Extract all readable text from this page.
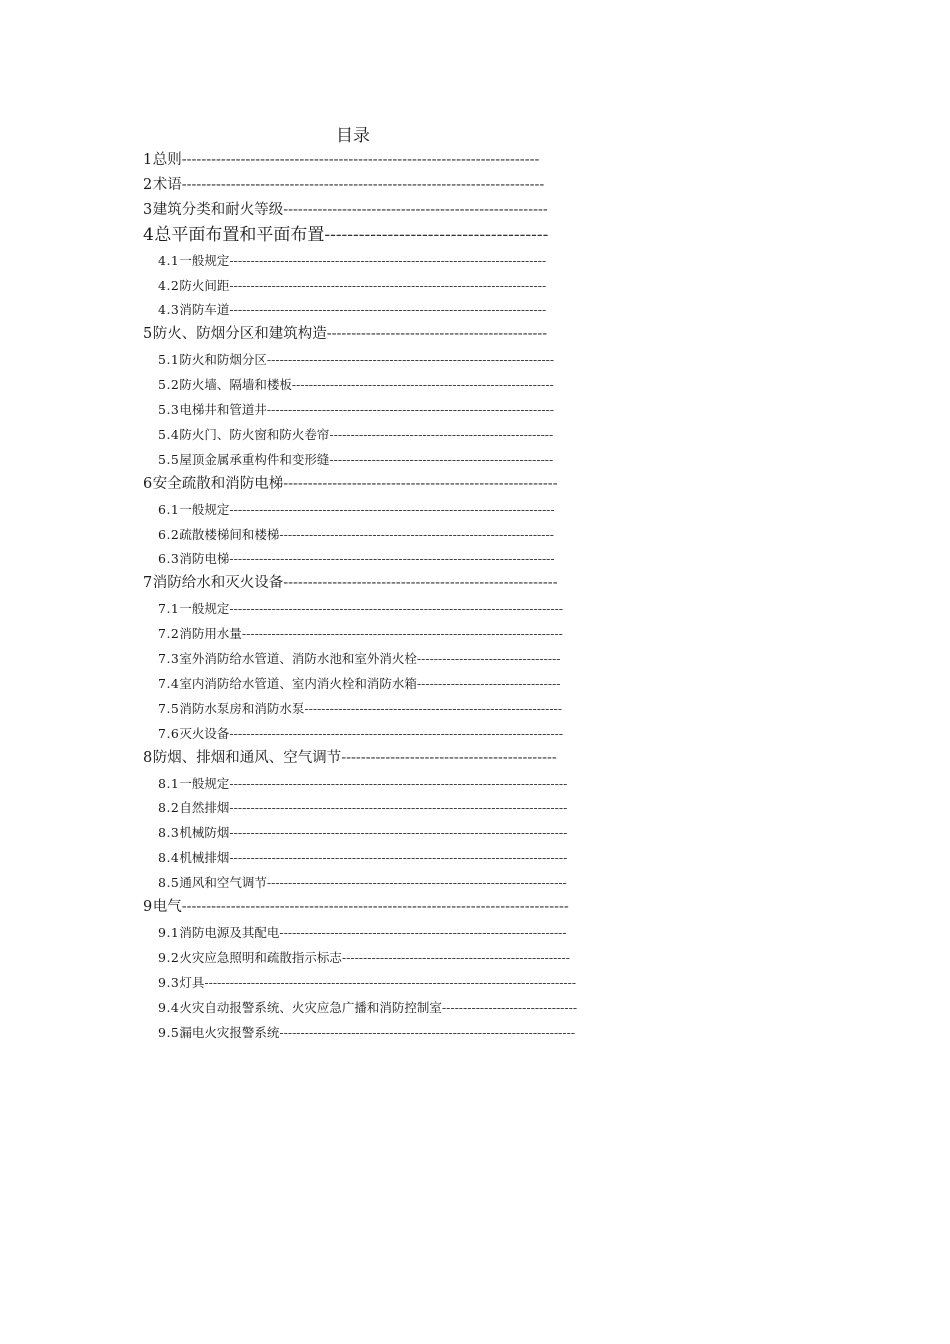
目录
1总则-------------------------------------------------------------------------
2术语--------------------------------------------------------------------------
3建筑分类和耐火等级------------------------------------------------------
4总平面布置和平面布置---------------------------------------
4.1一般规定---------------------------------------------------------------------------
4.2防火间距---------------------------------------------------------------------------
4.3消防车道---------------------------------------------------------------------------
5防火、防烟分区和建筑构造---------------------------------------------
5.1防火和防烟分区--------------------------------------------------------------------
5.2防火墙、隔墙和楼板--------------------------------------------------------------
5.3电梯井和管道井--------------------------------------------------------------------
5.4防火门、防火窗和防火卷帘-----------------------------------------------------
5.5屋顶金属承重构件和变形缝-----------------------------------------------------
6安全疏散和消防电梯--------------------------------------------------------
6.1一般规定-----------------------------------------------------------------------------
6.2疏散楼梯间和楼梯-----------------------------------------------------------------
6.3消防电梯-----------------------------------------------------------------------------
7消防给水和灭火设备--------------------------------------------------------
7.1一般规定-------------------------------------------------------------------------------
7.2消防用水量----------------------------------------------------------------------------
7.3室外消防给水管道、消防水池和室外消火栓----------------------------------
7.4室内消防给水管道、室内消火栓和消防水箱----------------------------------
7.5消防水泵房和消防水泵-------------------------------------------------------------
7.6灭火设备-------------------------------------------------------------------------------
8防烟、排烟和通风、空气调节--------------------------------------------
8.1一般规定--------------------------------------------------------------------------------
8.2自然排烟--------------------------------------------------------------------------------
8.3机械防烟--------------------------------------------------------------------------------
8.4机械排烟--------------------------------------------------------------------------------
8.5通风和空气调节-----------------------------------------------------------------------
9电气-------------------------------------------------------------------------------
9.1消防电源及其配电--------------------------------------------------------------------
9.2火灾应急照明和疏散指示标志------------------------------------------------------
9.3灯具----------------------------------------------------------------------------------------
9.4火灾自动报警系统、火灾应急广播和消防控制室--------------------------------
9.5漏电火灾报警系统----------------------------------------------------------------------
